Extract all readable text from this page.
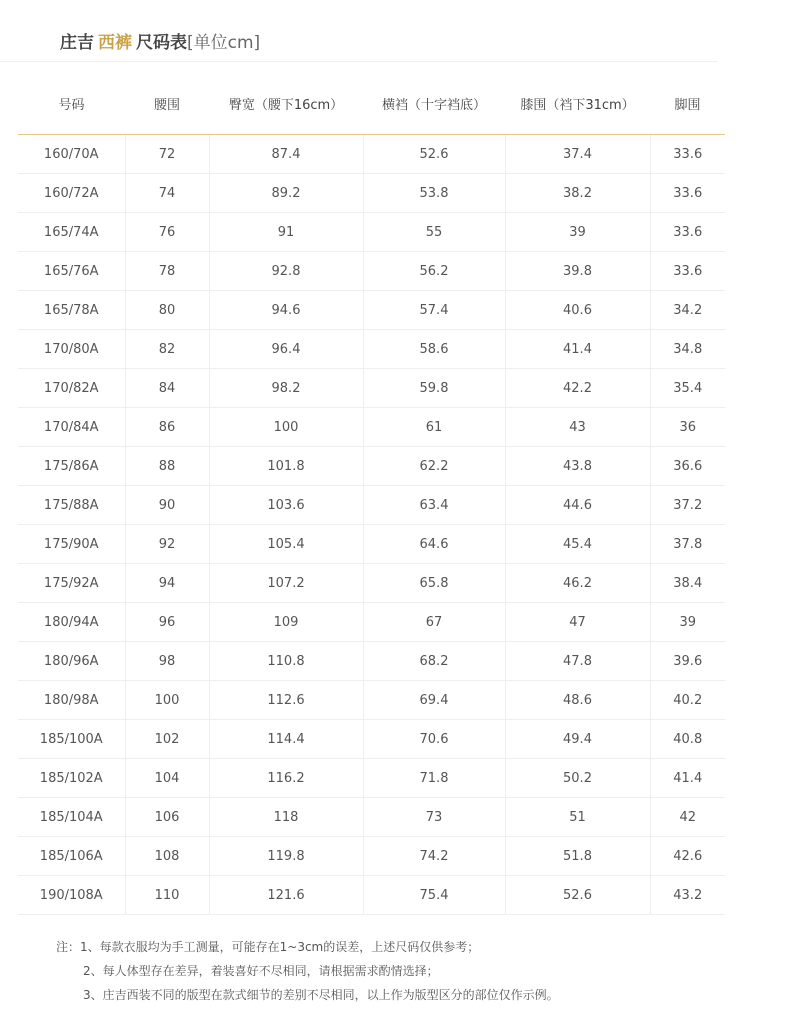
庄吉 西裤 尺码表[单位cm]
号码	腰围	臀宽（腰下16cm）	横裆（十字裆底）	膝围（裆下31cm）	脚围
160/70A	72	87.4	52.6	37.4	33.6
160/72A	74	89.2	53.8	38.2	33.6
165/74A	76	91	55	39	33.6
165/76A	78	92.8	56.2	39.8	33.6
165/78A	80	94.6	57.4	40.6	34.2
170/80A	82	96.4	58.6	41.4	34.8
170/82A	84	98.2	59.8	42.2	35.4
170/84A	86	100	61	43	36
175/86A	88	101.8	62.2	43.8	36.6
175/88A	90	103.6	63.4	44.6	37.2
175/90A	92	105.4	64.6	45.4	37.8
175/92A	94	107.2	65.8	46.2	38.4
180/94A	96	109	67	47	39
180/96A	98	110.8	68.2	47.8	39.6
180/98A	100	112.6	69.4	48.6	40.2
185/100A	102	114.4	70.6	49.4	40.8
185/102A	104	116.2	71.8	50.2	41.4
185/104A	106	118	73	51	42
185/106A	108	119.8	74.2	51.8	42.6
190/108A	110	121.6	75.4	52.6	43.2
注：1、每款衣服均为手工测量，可能存在1~3cm的误差，上述尺码仅供参考；
2、每人体型存在差异，着装喜好不尽相同，请根据需求酌情选择；
3、庄吉西装不同的版型在款式细节的差别不尽相同，以上作为版型区分的部位仅作示例。
